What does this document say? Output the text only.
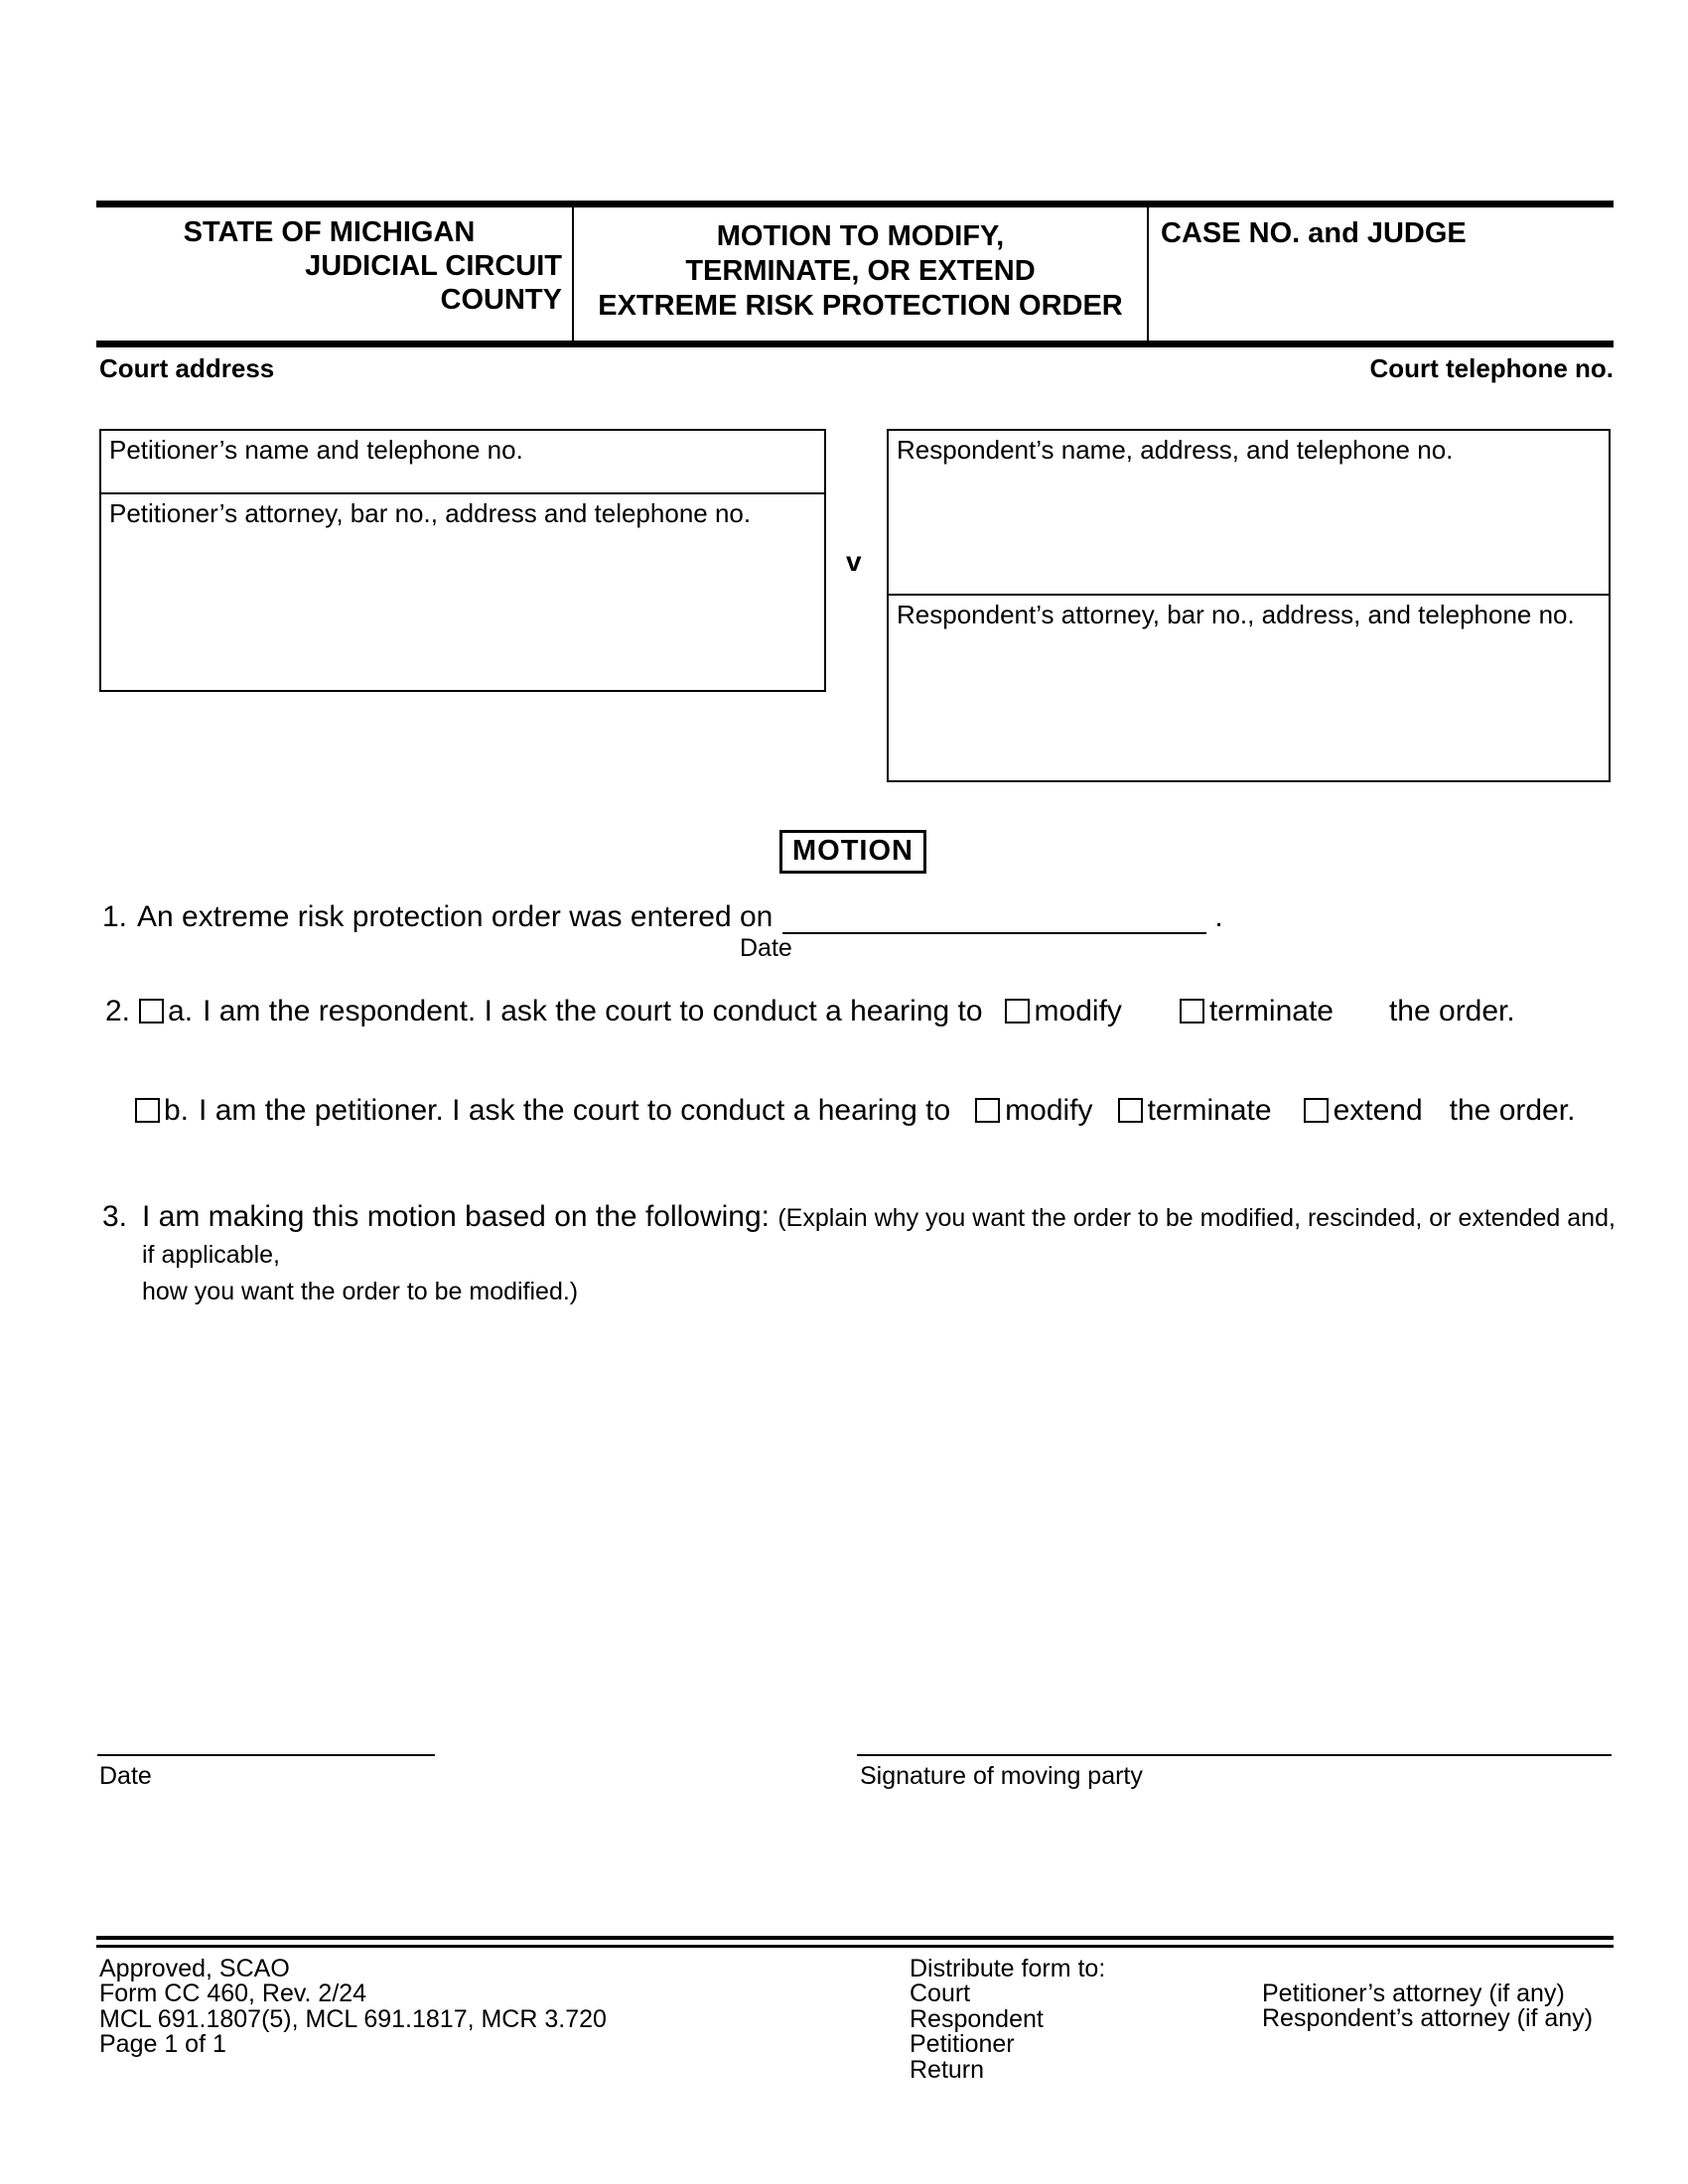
STATE OF MICHIGAN
JUDICIAL CIRCUIT
COUNTY
MOTION TO MODIFY,
TERMINATE, OR EXTEND
EXTREME RISK PROTECTION ORDER
CASE NO. and JUDGE
Court address	Court telephone no.
Petitioner’s name and telephone no.
Petitioner’s attorney, bar no., address and telephone no.
v
Respondent’s name, address, and telephone no.
Respondent’s attorney, bar no., address, and telephone no.
MOTION
1. An extreme risk protection order was entered on	.
Date
2. a. I am the respondent. I ask the court to conduct a hearing to modify	terminate the order.
b. I am the petitioner. I ask the court to conduct a hearing to modify terminate extend the order.
3. I am making this motion based on the following: (Explain why you want the order to be modified, rescinded, or extended and, if applicable,
how you want the order to be modified.)
Date	Signature of moving party
Approved, SCAO
Form CC 460, Rev. 2/24
MCL 691.1807(5), MCL 691.1817, MCR 3.720
Page 1 of 1
Distribute form to:
Court
Respondent
Petitioner
Return
Petitioner’s attorney (if any)
Respondent’s attorney (if any)
